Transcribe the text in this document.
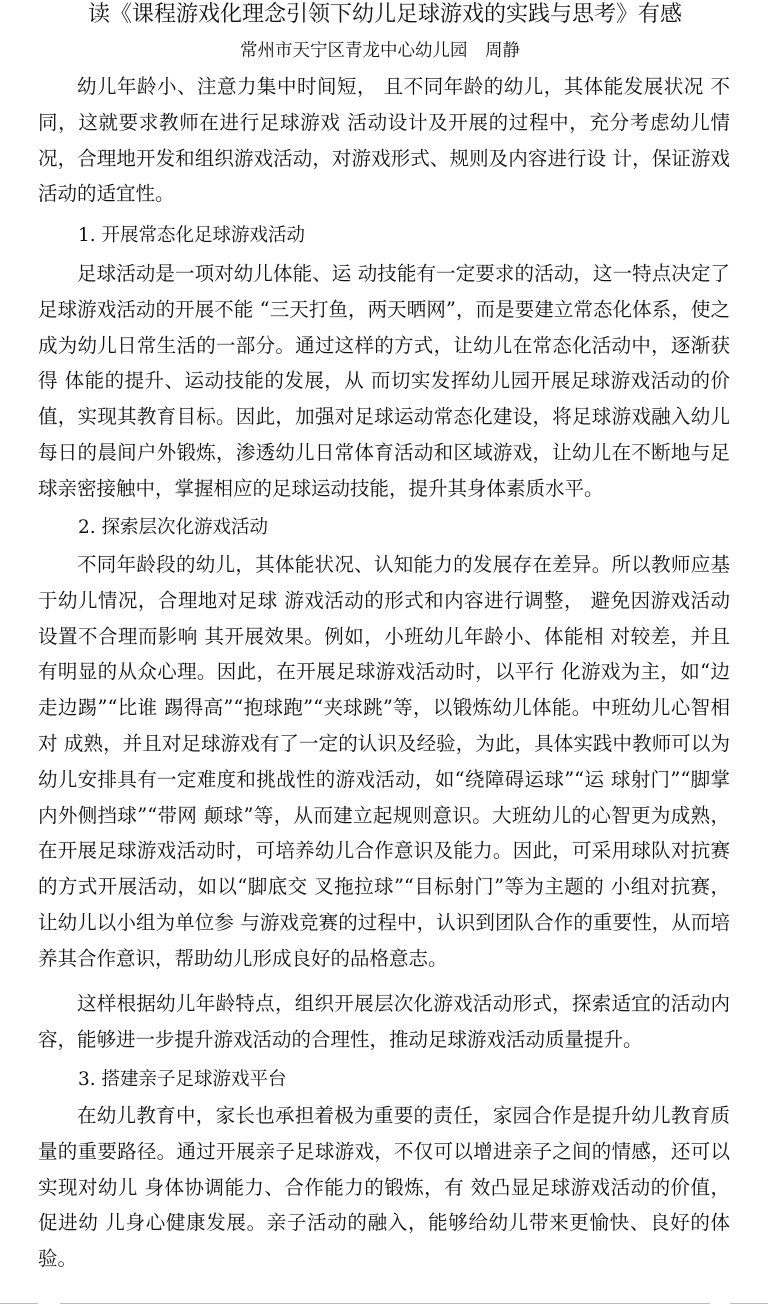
读《课程游戏化理念引领下幼儿足球游戏的实践与思考》有感
常州市天宁区青龙中心幼儿园　周静

幼儿年龄小、注意力集中时间短， 且不同年龄的幼儿，其体能发展状况 不同，这就要求教师在进行足球游戏 活动设计及开展的过程中，充分考虑幼儿情况，合理地开发和组织游戏活动，对游戏形式、规则及内容进行设 计，保证游戏活动的适宜性。

1. 开展常态化足球游戏活动

足球活动是一项对幼儿体能、运 动技能有一定要求的活动，这一特点决定了足球游戏活动的开展不能 “三天打鱼，两天晒网”，而是要建立常态化体系，使之成为幼儿日常生活的一部分。通过这样的方式，让幼儿在常态化活动中，逐渐获得 体能的提升、运动技能的发展，从 而切实发挥幼儿园开展足球游戏活动的价值，实现其教育目标。因此，加强对足球运动常态化建设，将足球游戏融入幼儿每日的晨间户外锻炼，渗透幼儿日常体育活动和区域游戏，让幼儿在不断地与足球亲密接触中，掌握相应的足球运动技能，提升其身体素质水平。

2. 探索层次化游戏活动

不同年龄段的幼儿，其体能状况、认知能力的发展存在差异。所以教师应基于幼儿情况，合理地对足球 游戏活动的形式和内容进行调整， 避免因游戏活动设置不合理而影响 其开展效果。例如，小班幼儿年龄小、体能相 对较差，并且有明显的从众心理。因此，在开展足球游戏活动时，以平行 化游戏为主，如“边走边踢”“比谁 踢得高”“抱球跑”“夹球跳”等，以锻炼幼儿体能。中班幼儿心智相对 成熟，并且对足球游戏有了一定的认识及经验，为此，具体实践中教师可以为幼儿安排具有一定难度和挑战性的游戏活动，如“绕障碍运球”“运 球射门”“脚掌内外侧挡球”“带网 颠球”等，从而建立起规则意识。大班幼儿的心智更为成熟，在开展足球游戏活动时，可培养幼儿合作意识及能力。因此，可采用球队对抗赛的方式开展活动，如以“脚底交 叉拖拉球”“目标射门”等为主题的 小组对抗赛，让幼儿以小组为单位参 与游戏竞赛的过程中，认识到团队合作的重要性，从而培养其合作意识，帮助幼儿形成良好的品格意志。

这样根据幼儿年龄特点，组织开展层次化游戏活动形式，探索适宜的活动内容，能够进一步提升游戏活动的合理性，推动足球游戏活动质量提升。

3. 搭建亲子足球游戏平台

在幼儿教育中，家长也承担着极为重要的责任，家园合作是提升幼儿教育质量的重要路径。通过开展亲子足球游戏，不仅可以增进亲子之间的情感，还可以实现对幼儿 身体协调能力、合作能力的锻炼，有 效凸显足球游戏活动的价值，促进幼 儿身心健康发展。亲子活动的融入，能够给幼儿带来更愉快、良好的体验。
